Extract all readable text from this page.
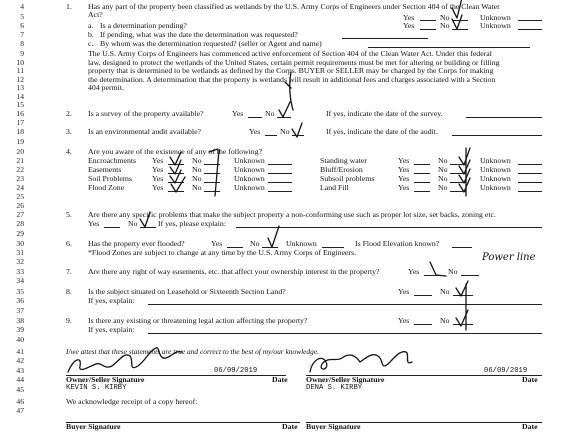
4
5
6
7
8
9
10
11
12
13
14
15
16
17
18
19
20
21
22
23
24
25
26
27
28
29
30
31
32
33
34
35
36
37
38
39
40
41
42
43
44
45
46
47
1. Has any part of the property been classified as wetlands by the U.S. Army Corps of Engineers under Section 404 of the Clean Water
Act?	Yes	No	Unknown
a. Is a determination pending?	Yes	No	Unknown
b. If pending, what was the date the determination was requested?
c. By whom was the determination requested? (seller or Agent and name)
The U.S. Army Corps of Engineers has commenced active enforcement of Section 404 of the Clean Water Act. Under this federal
law, designed to protect the wetlands of the United States, certain permit requirements must be met for altering or building or filling
property that is determined to be wetlands as defined by the Corps. BUYER or SELLER may be charged by the Corps for making
the determination. A determination that the property is wetlands will result in additional fees and charges associated with a Section
404 permit.
2. Is a survey of the property available?	Yes	No	If yes, indicate the date of the survey.
3. Is an environmental audit available?	Yes	No	If yes, indicate the date of the audit.
4. Are you aware of the existence of any of the following?
Encroachments Yes	No	Unknown
Easements	Yes	No	Unknown
Soil Problems	Yes	No	Unknown
Flood Zone	Yes	No	Unknown
Standing water	Yes	No	Unknown
Bluff/Erosion	Yes	No	Unknown
Subsoil problems	Yes	No	Unknown
Land Fill	Yes	No	Unknown
5. Are there any specific problems that make the subject property a non-conforming use such as proper lot size, set backs, zoning etc.
Yes	No	If yes, please explain:
6. Has the property ever flooded?	Yes	No	Unknown	Is Flood Elevation known?
*Flood Zones are subject to change at any time by the U.S. Army Corps of Engineers.
7. Are there any right of way easements, etc. that affect your ownership interest in the property?	Yes	No
Power line
8. Is the subject situated on Leasehold or Sixteenth Section Land?	Yes	No
If yes, explain:
9. Is there any existing or threatening legal action affecting the property?	Yes	No
If yes, explain:
I/we attest that these statements are true and correct to the best of my/our knowledge.
06/09/2019
Owner/Seller Signature	Date
KEVIN S. KIRBY
06/09/2019
Owner/Seller Signature	Date
DENA S. KIRBY
We acknowledge receipt of a copy hereof:
Buyer Signature	Date Buyer Signature	Date
